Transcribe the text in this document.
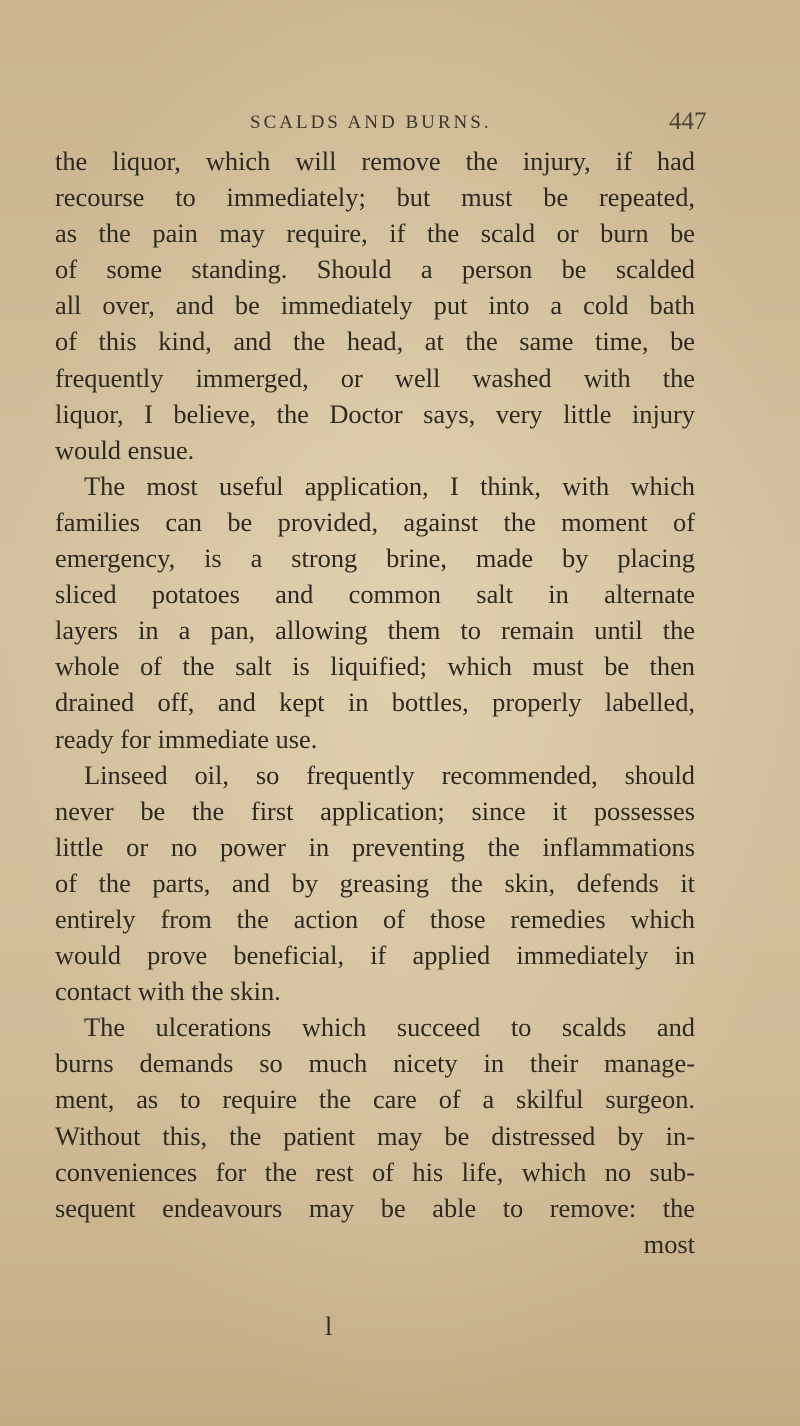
SCALDS AND BURNS.	447
the liquor, which will remove the injury, if had
recourse to immediately; but must be repeated,
as the pain may require, if the scald or burn be
of some standing. Should a person be scalded
all over, and be immediately put into a cold bath
of this kind, and the head, at the same time, be
frequently immerged, or well washed with the
liquor, I believe, the Doctor says, very little injury
would ensue.
The most useful application, I think, with which
families can be provided, against the moment of
emergency, is a strong brine, made by placing
sliced potatoes and common salt in alternate
layers in a pan, allowing them to remain until the
whole of the salt is liquified; which must be then
drained off, and kept in bottles, properly labelled,
ready for immediate use.
Linseed oil, so frequently recommended, should
never be the first application; since it possesses
little or no power in preventing the inflammations
of the parts, and by greasing the skin, defends it
entirely from the action of those remedies which
would prove beneficial, if applied immediately in
contact with the skin.
The ulcerations which succeed to scalds and
burns demands so much nicety in their manage-
ment, as to require the care of a skilful surgeon.
Without this, the patient may be distressed by in-
conveniences for the rest of his life, which no sub-
sequent endeavours may be able to remove: the
most
l
